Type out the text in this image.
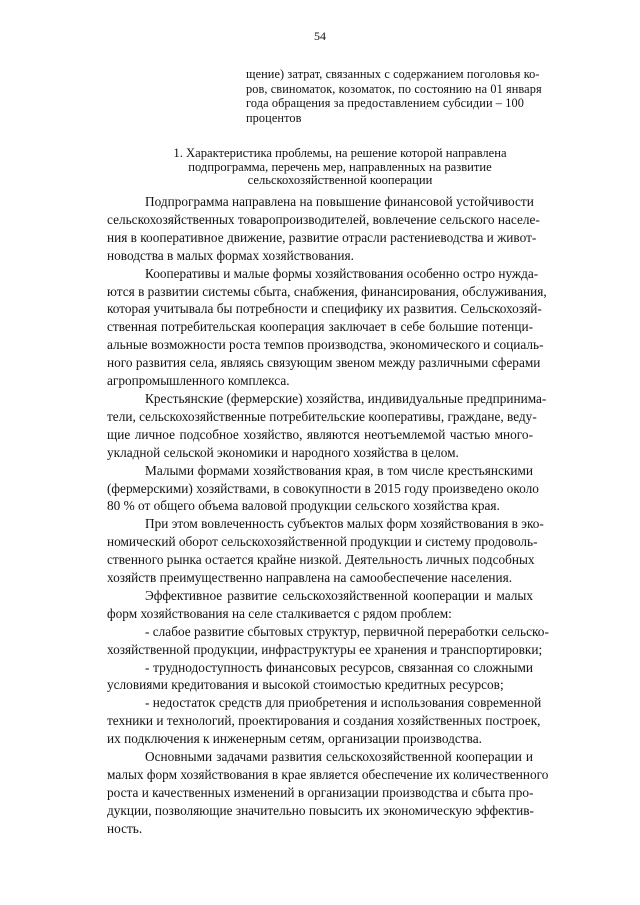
54
щение) затрат, связанных с содержанием поголовья ко-
ров, свиноматок, козоматок, по состоянию на 01 января
года обращения за предоставлением субсидии – 100
процентов
1. Характеристика проблемы, на решение которой направлена
подпрограмма, перечень мер, направленных на развитие
сельскохозяйственной кооперации

Подпрограмма направлена на повышение финансовой устойчивости
сельскохозяйственных товаропроизводителей, вовлечение сельского населе-
ния в кооперативное движение, развитие отрасли растениеводства и живот-
новодства в малых формах хозяйствования.

Кооперативы и малые формы хозяйствования особенно остро нужда-
ются в развитии системы сбыта, снабжения, финансирования, обслуживания,
которая учитывала бы потребности и специфику их развития. Сельскохозяй-
ственная потребительская кооперация заключает в себе большие потенци-
альные возможности роста темпов производства, экономического и социаль-
ного развития села, являясь связующим звеном между различными сферами
агропромышленного комплекса.

Крестьянские (фермерские) хозяйства, индивидуальные предпринима-
тели, сельскохозяйственные потребительские кооперативы, граждане, веду-
щие личное подсобное хозяйство, являются неотъемлемой частью много-
укладной сельской экономики и народного хозяйства в целом.

Малыми формами хозяйствования края, в том числе крестьянскими
(фермерскими) хозяйствами, в совокупности в 2015 году произведено около
80 % от общего объема валовой продукции сельского хозяйства края.

При этом вовлеченность субъектов малых форм хозяйствования в эко-
номический оборот сельскохозяйственной продукции и систему продоволь-
ственного рынка остается крайне низкой. Деятельность личных подсобных
хозяйств преимущественно направлена на самообеспечение населения.

Эффективное развитие сельскохозяйственной кооперации и малых
форм хозяйствования на селе сталкивается с рядом проблем:

- слабое развитие сбытовых структур, первичной переработки сельско-
хозяйственной продукции, инфраструктуры ее хранения и транспортировки;

- труднодоступность финансовых ресурсов, связанная со сложными
условиями кредитования и высокой стоимостью кредитных ресурсов;

- недостаток средств для приобретения и использования современной
техники и технологий, проектирования и создания хозяйственных построек,
их подключения к инженерным сетям, организации производства.

Основными задачами развития сельскохозяйственной кооперации и
малых форм хозяйствования в крае является обеспечение их количественного
роста и качественных изменений в организации производства и сбыта про-
дукции, позволяющие значительно повысить их экономическую эффектив-
ность.
